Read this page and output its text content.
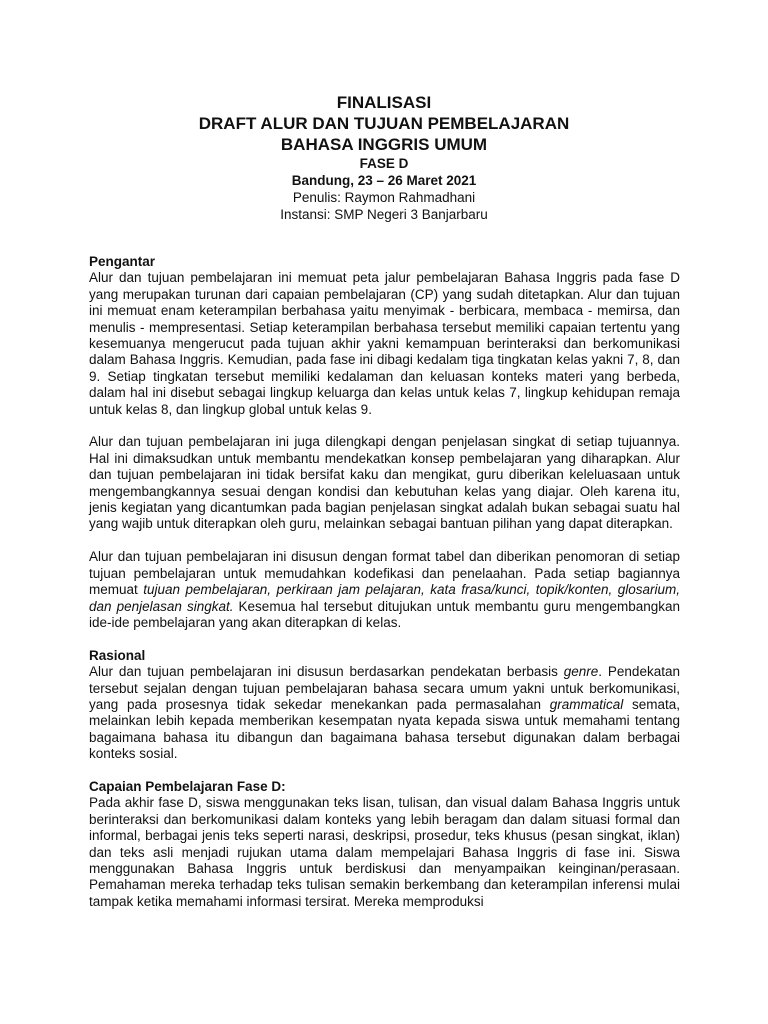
FINALISASI

DRAFT ALUR DAN TUJUAN PEMBELAJARAN

BAHASA INGGRIS UMUM

FASE D

Bandung, 23 – 26 Maret 2021

Penulis: Raymon Rahmadhani

Instansi: SMP Negeri 3 Banjarbaru

Pengantar

Alur dan tujuan pembelajaran ini memuat peta jalur pembelajaran Bahasa Inggris pada fase D yang merupakan turunan dari capaian pembelajaran (CP) yang sudah ditetapkan. Alur dan tujuan ini memuat enam keterampilan berbahasa yaitu menyimak - berbicara, membaca - memirsa, dan menulis - mempresentasi. Setiap keterampilan berbahasa tersebut memiliki capaian tertentu yang kesemuanya mengerucut pada tujuan akhir yakni kemampuan berinteraksi dan berkomunikasi dalam Bahasa Inggris. Kemudian, pada fase ini dibagi kedalam tiga tingkatan kelas yakni 7, 8, dan 9. Setiap tingkatan tersebut memiliki kedalaman dan keluasan konteks materi yang berbeda, dalam hal ini disebut sebagai lingkup keluarga dan kelas untuk kelas 7, lingkup kehidupan remaja untuk kelas 8, dan lingkup global untuk kelas 9.

Alur dan tujuan pembelajaran ini juga dilengkapi dengan penjelasan singkat di setiap tujuannya. Hal ini dimaksudkan untuk membantu mendekatkan konsep pembelajaran yang diharapkan. Alur dan tujuan pembelajaran ini tidak bersifat kaku dan mengikat, guru diberikan keleluasaan untuk mengembangkannya sesuai dengan kondisi dan kebutuhan kelas yang diajar. Oleh karena itu, jenis kegiatan yang dicantumkan pada bagian penjelasan singkat adalah bukan sebagai suatu hal yang wajib untuk diterapkan oleh guru, melainkan sebagai bantuan pilihan yang dapat diterapkan.

Alur dan tujuan pembelajaran ini disusun dengan format tabel dan diberikan penomoran di setiap tujuan pembelajaran untuk memudahkan kodefikasi dan penelaahan. Pada setiap bagiannya memuat tujuan pembelajaran, perkiraan jam pelajaran, kata frasa/kunci, topik/konten, glosarium, dan penjelasan singkat. Kesemua hal tersebut ditujukan untuk membantu guru mengembangkan ide-ide pembelajaran yang akan diterapkan di kelas.

Rasional

Alur dan tujuan pembelajaran ini disusun berdasarkan pendekatan berbasis genre. Pendekatan tersebut sejalan dengan tujuan pembelajaran bahasa secara umum yakni untuk berkomunikasi, yang pada prosesnya tidak sekedar menekankan pada permasalahan grammatical semata, melainkan lebih kepada memberikan kesempatan nyata kepada siswa untuk memahami tentang bagaimana bahasa itu dibangun dan bagaimana bahasa tersebut digunakan dalam berbagai konteks sosial.

Capaian Pembelajaran Fase D:

Pada akhir fase D, siswa menggunakan teks lisan, tulisan, dan visual dalam Bahasa Inggris untuk berinteraksi dan berkomunikasi dalam konteks yang lebih beragam dan dalam situasi formal dan informal, berbagai jenis teks seperti narasi, deskripsi, prosedur, teks khusus (pesan singkat, iklan) dan teks asli menjadi rujukan utama dalam mempelajari Bahasa Inggris di fase ini. Siswa menggunakan Bahasa Inggris untuk berdiskusi dan menyampaikan keinginan/perasaan. Pemahaman mereka terhadap teks tulisan semakin berkembang dan keterampilan inferensi mulai tampak ketika memahami informasi tersirat. Mereka memproduksi
